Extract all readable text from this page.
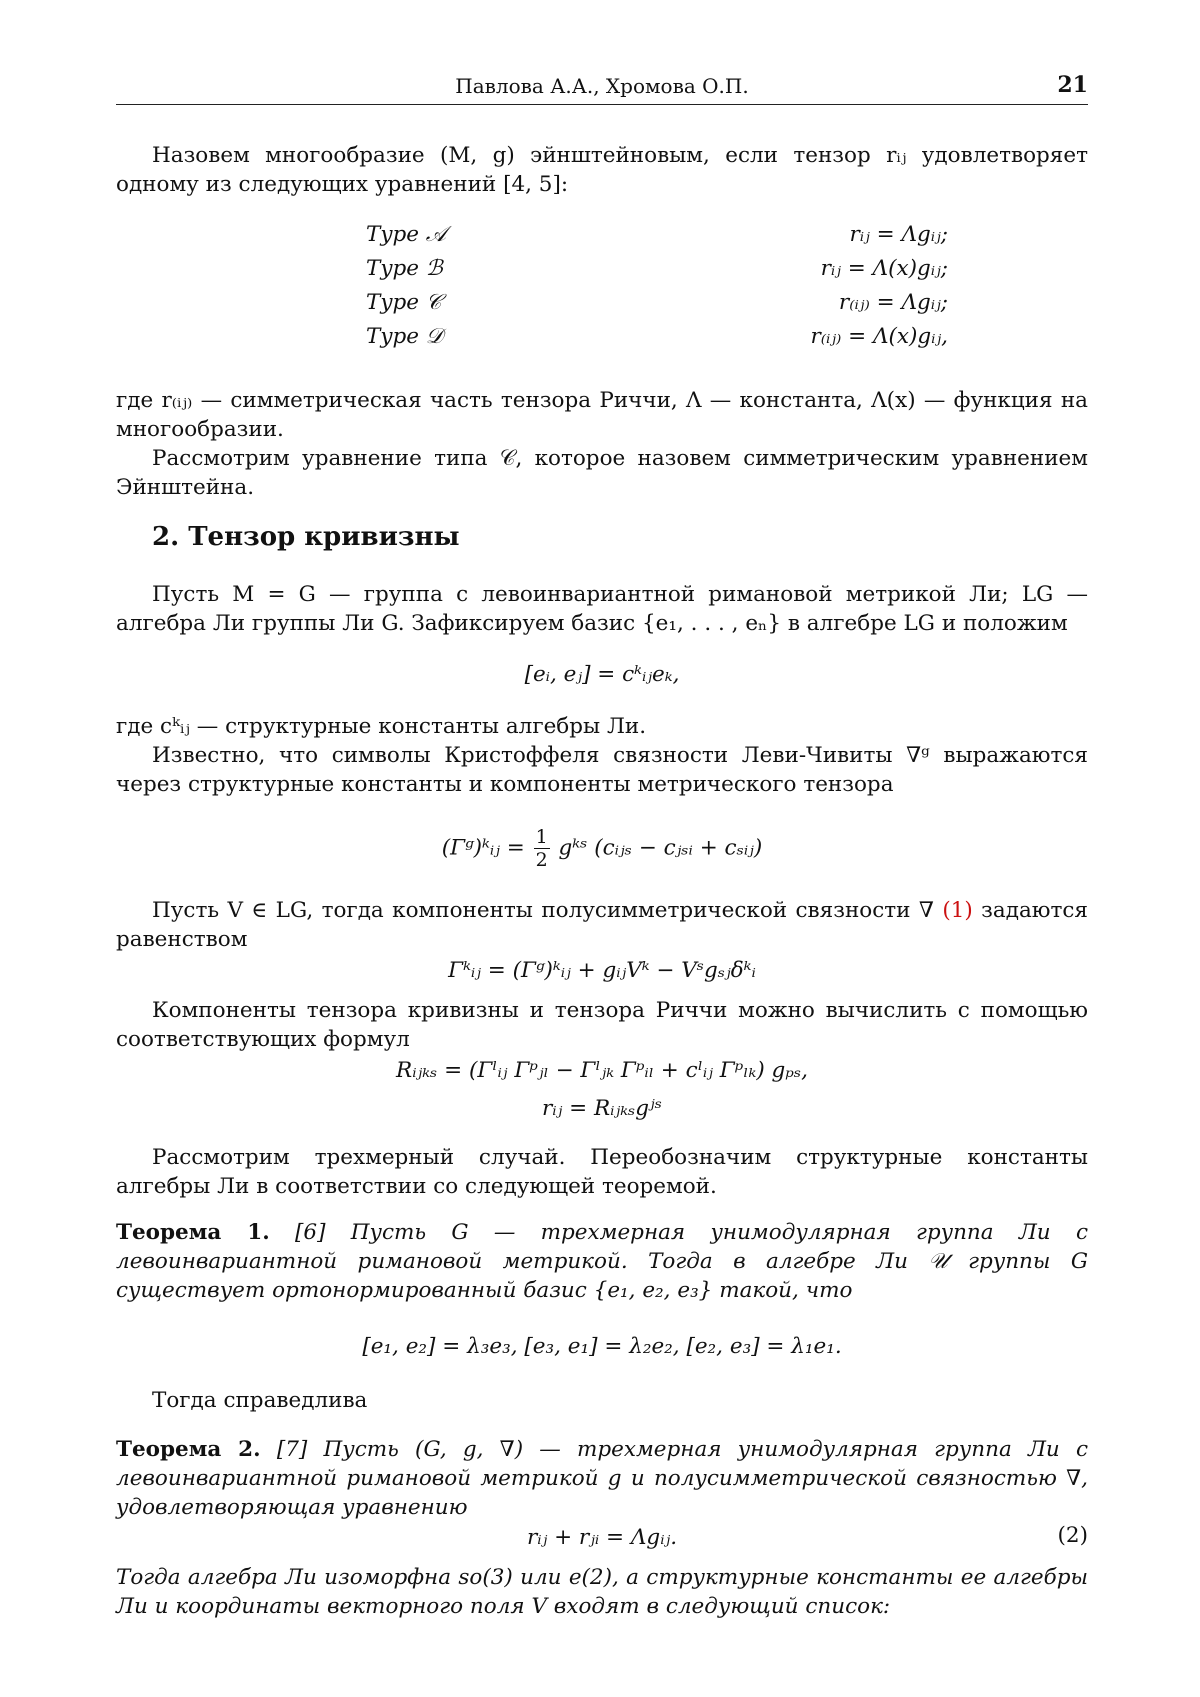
Павлова А.А., Хромова О.П.	21
Назовем многообразие (M, g) эйнштейновым, если тензор rᵢⱼ удовлетворяет одному из следующих уравнений [4, 5]:
Type 𝒜	rᵢⱼ = Λgᵢⱼ;
Type ℬ	rᵢⱼ = Λ(x)gᵢⱼ;
Type 𝒞	r₍ᵢⱼ₎ = Λgᵢⱼ;
Type 𝒟	r₍ᵢⱼ₎ = Λ(x)gᵢⱼ,
где r₍ᵢⱼ₎ — симметрическая часть тензора Риччи, Λ — константа, Λ(x) — функция на многообразии.
Рассмотрим уравнение типа 𝒞, которое назовем симметрическим уравнением Эйнштейна.
2. Тензор кривизны
Пусть M = G — группа с левоинвариантной римановой метрикой Ли; LG — алгебра Ли группы Ли G. Зафиксируем базис {e₁, . . . , eₙ} в алгебре LG и положим
[eᵢ, eⱼ] = cᵏᵢⱼeₖ,
где cᵏᵢⱼ — структурные константы алгебры Ли.
Известно, что символы Кристоффеля связности Леви-Чивиты ∇ᵍ выражаются через структурные константы и компоненты метрического тензора
(Γᵍ)ᵏᵢⱼ = $\frac{1}{2}$ gᵏˢ (cᵢⱼₛ − cⱼₛᵢ + cₛᵢⱼ)
Пусть V ∈ LG, тогда компоненты полусимметрической связности ∇ (1) задаются равенством
Γᵏᵢⱼ = (Γᵍ)ᵏᵢⱼ + gᵢⱼVᵏ − Vˢgₛⱼδᵏᵢ
Компоненты тензора кривизны и тензора Риччи можно вычислить с помощью соответствующих формул
Rᵢⱼₖₛ = (Γˡᵢⱼ Γᵖⱼₗ − Γˡⱼₖ Γᵖᵢₗ + cˡᵢⱼ Γᵖₗₖ) gₚₛ,
rᵢⱼ = Rᵢⱼₖₛgʲˢ
Рассмотрим трехмерный случай. Переобозначим структурные константы алгебры Ли в соответствии со следующей теоремой.
Теорема 1. [6] Пусть G — трехмерная унимодулярная группа Ли с левоинвариантной римановой метрикой. Тогда в алгебре Ли 𝒰 группы G существует ортонормированный базис {e₁, e₂, e₃} такой, что
[e₁, e₂] = λ₃e₃, [e₃, e₁] = λ₂e₂, [e₂, e₃] = λ₁e₁.
Тогда справедлива
Теорема 2. [7] Пусть (G, g, ∇) — трехмерная унимодулярная группа Ли с левоинвариантной римановой метрикой g и полусимметрической связностью ∇, удовлетворяющая уравнению
rᵢⱼ + rⱼᵢ = Λgᵢⱼ.	(2)
Тогда алгебра Ли изоморфна so(3) или e(2), а структурные константы ее алгебры Ли и координаты векторного поля V входят в следующий список:
